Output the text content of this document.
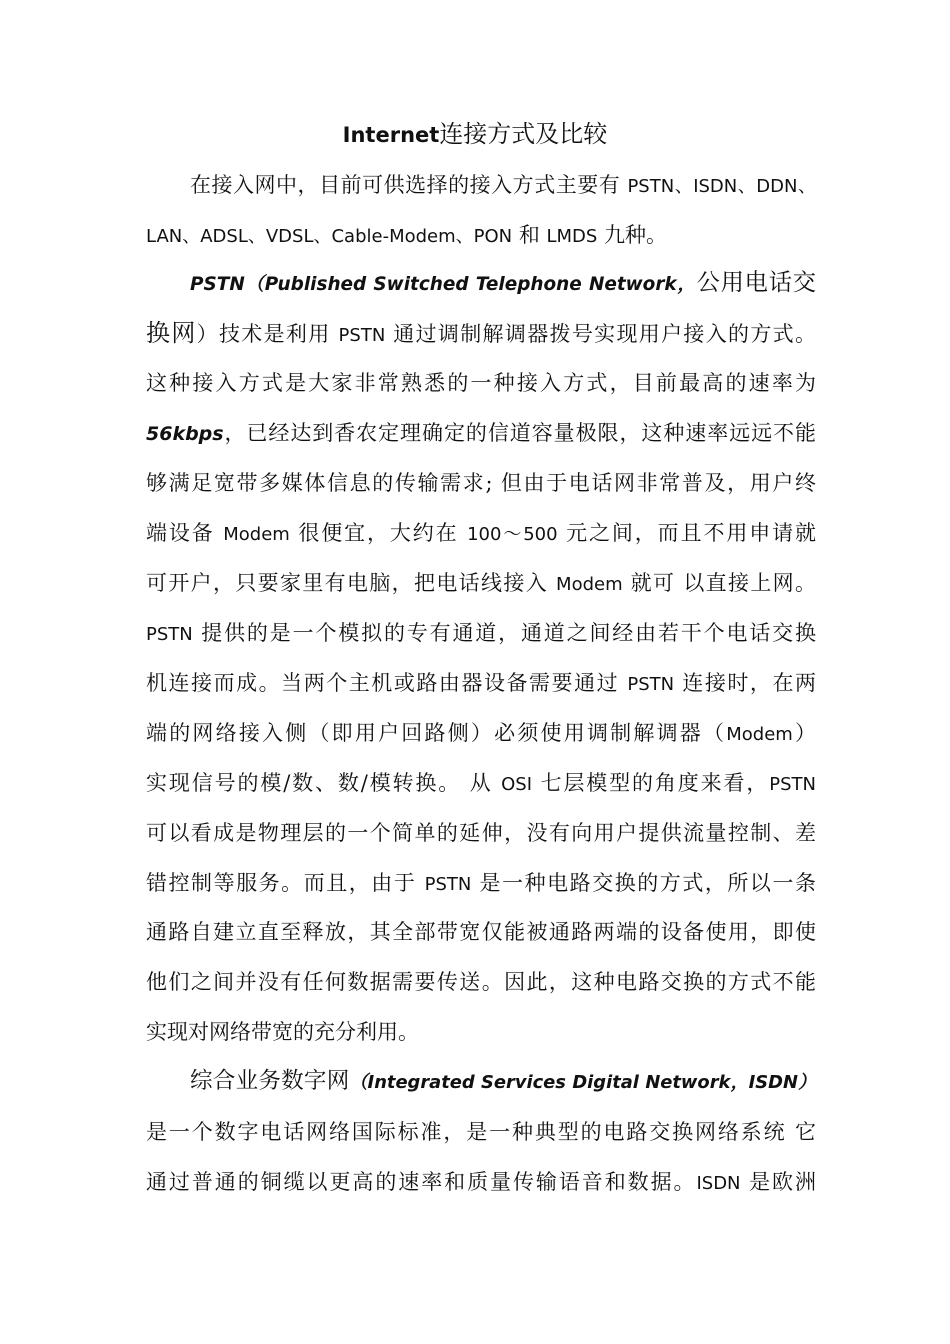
Internet连接方式及比较
在接入网中，目前可供选择的接入方式主要有 PSTN、ISDN、DDN、
LAN、ADSL、VDSL、Cable-Modem、PON 和 LMDS 九种。
PSTN（Published Switched Telephone Network，公用电话交
换网）技术是利用 PSTN 通过调制解调器拨号实现用户接入的方式。
这种接入方式是大家非常熟悉的一种接入方式，目前最高的速率为
56kbps，已经达到香农定理确定的信道容量极限，这种速率远远不能
够满足宽带多媒体信息的传输需求; 但由于电话网非常普及，用户终
端设备 Modem 很便宜，大约在 100～500 元之间，而且不用申请就
可开户，只要家里有电脑，把电话线接入 Modem 就可 以直接上网。
PSTN 提供的是一个模拟的专有通道，通道之间经由若干个电话交换
机连接而成。当两个主机或路由器设备需要通过 PSTN 连接时，在两
端的网络接入侧（即用户回路侧）必须使用调制解调器（Modem）
实现信号的模/数、数/模转换。 从 OSI 七层模型的角度来看，PSTN
可以看成是物理层的一个简单的延伸，没有向用户提供流量控制、差
错控制等服务。而且，由于 PSTN 是一种电路交换的方式，所以一条
通路自建立直至释放，其全部带宽仅能被通路两端的设备使用，即使
他们之间并没有任何数据需要传送。因此，这种电路交换的方式不能
实现对网络带宽的充分利用。
综合业务数字网（Integrated Services Digital Network，ISDN）
是一个数字电话网络国际标准，是一种典型的电路交换网络系统 它
通过普通的铜缆以更高的速率和质量传输语音和数据。ISDN 是欧洲
